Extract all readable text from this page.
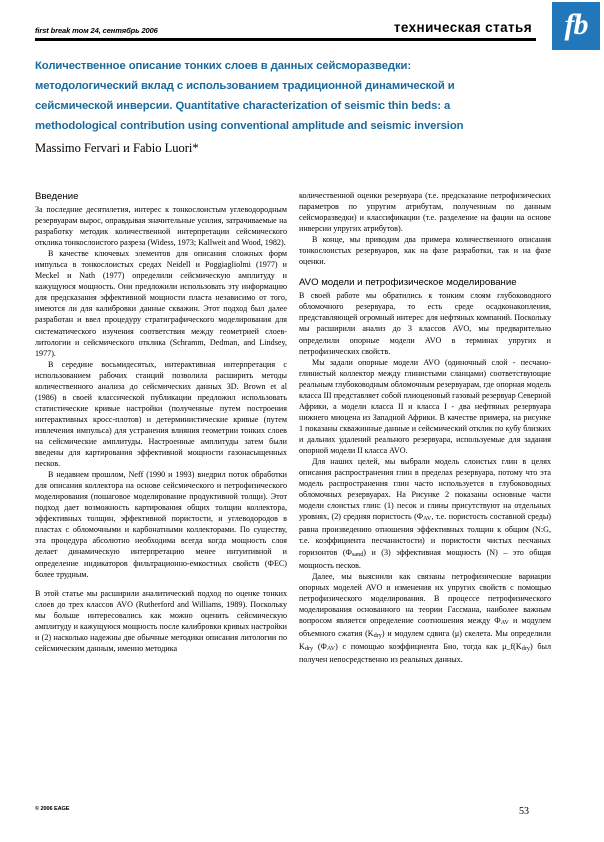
first break том 24, сентябрь 2006	техническая статья	fb
Количественное описание тонких слоев в данных сейсморазведки:
методологический вклад с использованием традиционной динамической и
сейсмической инверсии. Quantitative characterization of seismic thin beds: a
methodological contribution using conventional amplitude and seismic inversion
Massimo Fervari и Fabio Luori*
Введение

За последние десятилетия, интерес к тонкослоистым углеводородным резервуарам вырос, оправдывая значительные усилия, затрачиваемые на разработку методик количественной интерпретации сейсмического отклика тонкослоистого разреза (Widess, 1973; Kallweit and Wood, 1982).

В качестве ключевых элементов для описания сложных форм импульса в тонкослоистых средах Neidell и Poggiagliolmi (1977) и Meckel и Nath (1977) определили сейсмическую амплитуду и кажущуюся мощность. Они предложили использовать эту информацию для предсказания эффективной мощности пласта независимо от того, имеются ли для калибровки данные скважин. Этот подход был далее разработан и ввел процедуру стратиграфического моделирования для систематического изучения соответствия между геометрией слоев-литологии и сейсмического отклика (Schramm, Dedman, and Lindsey, 1977).

В середине восьмидесятых, интерактивная интерпретация с использованием рабочих станций позволила расширить методы количественного анализа до сейсмических данных 3D. Brown et al (1986) в своей классической публикации предложил использовать статистические кривые настройки (полученные путем построения интерактивных кросс-плотов) и детерминистические кривые (путем извлечения импульса) для устранения влияния геометрии тонких слоев на сейсмические амплитуды. Настроенные амплитуды затем были введены для картирования эффективной мощности газонасыщенных песков.

В недавнем прошлом, Neff (1990 и 1993) внедрил поток обработки для описания коллектора на основе сейсмического и петрофизического моделирования (пошаговое моделирование продуктивной толщи). Этот подход дает возможность картирования общих толщин коллектора, эффективных толщин, эффективной пористости, и углеводородов в пластах с обломочными и карбонатными коллекторами. По существу, эта процедура абсолютно необходима всегда когда мощность слоя делает динамическую интерпретацию менее интуитивной и определение индикаторов фильтрационно-емкостных свойств (ФЕС) более трудным.

В этой статье мы расширили аналитический подход по оценке тонких слоев до трех классов AVO (Rutherford and Williams, 1989). Поскольку мы больше интересовались как можно оценить сейсмическую амплитуду и кажущуюся мощность после калибровки кривых настройки и (2) насколько надежны две обычные методики описания литологии по сейсмическим данным, именно методика

количественной оценки резервуара (т.е. предсказание петрофизических параметров по упругим атрибутам, полученным по данным сейсморазведки) и классификации (т.е. разделение на фации на основе инверсии упругих атрибутов).

В конце, мы приводим два примера количественного описания тонкослоистых резервуаров, как на фазе разработки, так и на фазе оценки.

AVO модели и петрофизическое моделирование

В своей работе мы обратились к тонким слоям глубоководного обломочного резервуара, то есть среде осадконакопления, представляющей огромный интерес для нефтяных компаний. Поскольку мы расширили анализ до 3 классов AVO, мы предварительно определили опорные модели AVO в терминах упругих и петрофизических свойств.

Мы задали опорные модели AVO (одиночный слой - песчано-глинистый коллектор между глинистыми сланцами) соответствующие реальным глубоководным обломочным резервуарам, где опорная модель класса III представляет собой плиоценовый газовый резервуар Северной Африки, а модели класса II и класса I - два нефтяных резервуара нижнего миоцена из Западной Африки. В качестве примера, на рисунке 1 показаны скважинные данные и сейсмический отклик по кубу близких и дальних удалений реального резервуара, используемые для задания опорной модели II класса AVO.

Для наших целей, мы выбрали модель слоистых глин в целях описания распространения глин в пределах резервуара, потому что эта модель распространения глин часто используется в глубоководных обломочных резервуарах. На Рисунке 2 показаны основные части модели слоистых глин: (1) песок и глины присутствуют на отдельных уровнях, (2) средняя пористость (ФAV, т.е. пористость составной среды) равна произведению отношения эффективных толщин к общим (N:G, т.е. коэффициента песчанистости) и пористости чистых песчаных горизонтов (Фsand) и (3) эффективная мощность (N) – это общая мощность песков.

Далее, мы выяснили как связаны петрофизические вариации опорных моделей AVO и изменения их упругих свойств с помощью петрофизического моделирования. В процессе петрофизического моделирования основанного на теории Гассмана, наиболее важным вопросом является определение соотношения между ФAV и модулем объемного сжатия (Kdry) и модулем сдвига (μ) скелета. Мы определили Kdry (ФAV) с помощью коэффициента Био, тогда как μ_f(Kdry) был получен непосредственно из реальных данных.

© 2006 EAGE	53
